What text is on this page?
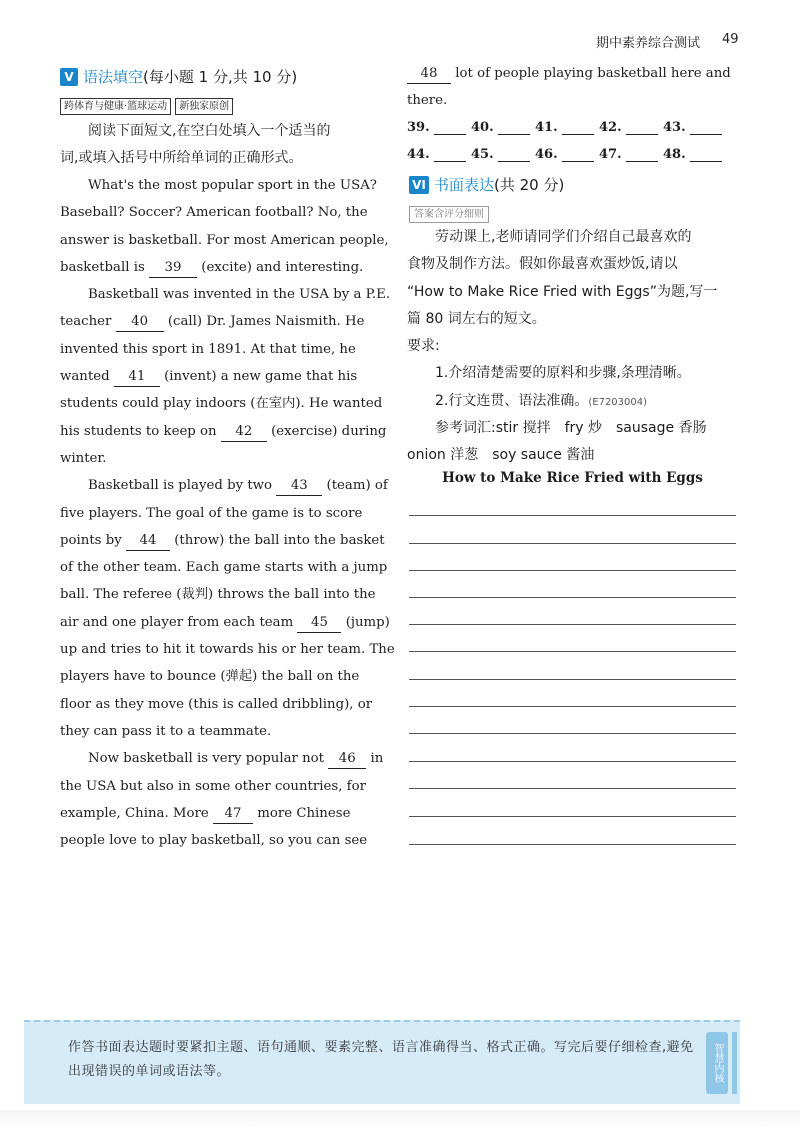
期中素养综合测试 49
V 语法填空 (每小题 1 分,共 10 分)
跨体育与健康·篮球运动 新独家原创
阅读下面短文,在空白处填入一个适当的
词,或填入括号中所给单词的正确形式。
What's the most popular sport in the USA?
Baseball? Soccer? American football? No, the
answer is basketball. For most American people,
basketball is 39 (excite) and interesting.
Basketball was invented in the USA by a P.E.
teacher 40 (call) Dr. James Naismith. He
invented this sport in 1891. At that time, he
wanted 41 (invent) a new game that his
students could play indoors (在室内). He wanted
his students to keep on 42 (exercise) during
winter.
Basketball is played by two 43 (team) of
five players. The goal of the game is to score
points by 44 (throw) the ball into the basket
of the other team. Each game starts with a jump
ball. The referee (裁判) throws the ball into the
air and one player from each team 45 (jump)
up and tries to hit it towards his or her team. The
players have to bounce (弹起) the ball on the
floor as they move (this is called dribbling), or
they can pass it to a teammate.
Now basketball is very popular not 46 in
the USA but also in some other countries, for
example, China. More 47 more Chinese
people love to play basketball, so you can see
48 lot of people playing basketball here and
there.
39.	40.	41.	42.	43.
44.	45.	46.	47.	48.
VI 书面表达 (共 20 分)
答案含评分细则
劳动课上,老师请同学们介绍自己最喜欢的
食物及制作方法。假如你最喜欢蛋炒饭,请以
“How to Make Rice Fried with Eggs”为题,写一
篇 80 词左右的短文。
要求:
1.介绍清楚需要的原料和步骤,条理清晰。
2.行文连贯、语法准确。(E7203004)
参考词汇:stir 搅拌　fry 炒　sausage 香肠
onion 洋葱　soy sauce 酱油
How to Make Rice Fried with Eggs
作答书面表达题时要紧扣主题、语句通顺、要素完整、语言准确得当、格式正确。写完后要仔细检查,避免出现错误的单词或语法等。	智慧内核
